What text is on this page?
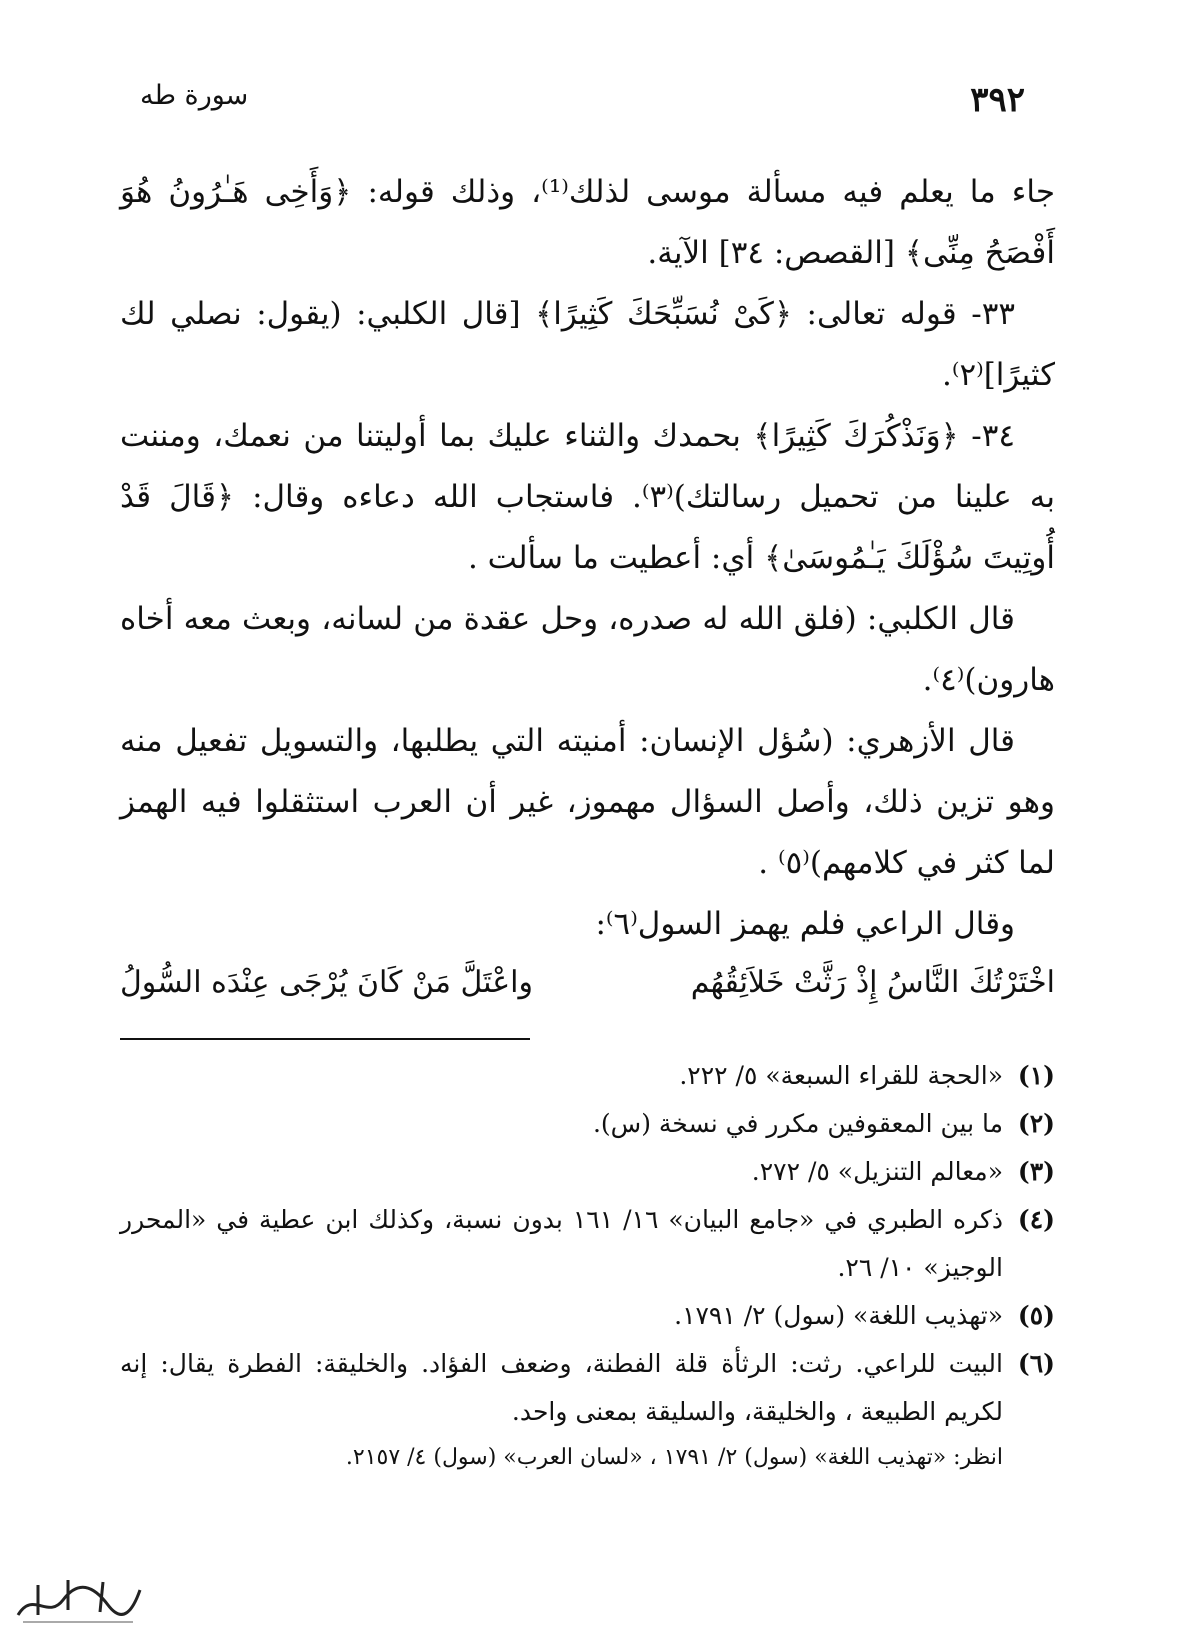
٣٩٢
سورة طه

جاء ما يعلم فيه مسألة موسى لذلك⁽¹⁾، وذلك قوله: ﴿وَأَخِى هَـٰرُونُ هُوَ أَفْصَحُ مِنِّى﴾ [القصص: ٣٤] الآية.

٣٣- قوله تعالى: ﴿كَىْ نُسَبِّحَكَ كَثِيرًا﴾ [قال الكلبي: (يقول: نصلي لك كثيرًا]⁽٢⁾.

٣٤- ﴿وَنَذْكُرَكَ كَثِيرًا﴾ بحمدك والثناء عليك بما أوليتنا من نعمك، ومننت به علينا من تحميل رسالتك)⁽٣⁾. فاستجاب الله دعاءه وقال: ﴿قَالَ قَدْ أُوتِيتَ سُؤْلَكَ يَـٰمُوسَىٰ﴾ أي: أعطيت ما سألت .

قال الكلبي: (فلق الله له صدره، وحل عقدة من لسانه، وبعث معه أخاه هارون)⁽٤⁾.

قال الأزهري: (سُؤل الإنسان: أمنيته التي يطلبها، والتسويل تفعيل منه وهو تزين ذلك، وأصل السؤال مهموز، غير أن العرب استثقلوا فيه الهمز لما كثر في كلامهم)⁽٥⁾ .

وقال الراعي فلم يهمز السول⁽٦⁾:

اخْتَرْتُكَ النَّاسُ إِذْ رَثَّتْ خَلاَئِقُهُم
واعْتَلَّ مَنْ كَانَ يُرْجَى عِنْدَه السُّولُ
(١)
«الحجة للقراء السبعة» ٥/ ٢٢٢.
(٢)
ما بين المعقوفين مكرر في نسخة (س).
(٣)
«معالم التنزيل» ٥/ ٢٧٢.
(٤)
ذكره الطبري في «جامع البيان» ١٦/ ١٦١ بدون نسبة، وكذلك ابن عطية في «المحرر الوجيز» ١٠/ ٢٦.
(٥)
«تهذيب اللغة» (سول) ٢/ ١٧٩١.
(٦)
البيت للراعي. رثت: الرثأة قلة الفطنة، وضعف الفؤاد. والخليقة: الفطرة يقال: إنه لكريم الطبيعة ، والخليقة، والسليقة بمعنى واحد.
انظر: «تهذيب اللغة» (سول) ٢/ ١٧٩١ ، «لسان العرب» (سول) ٤/ ٢١٥٧.
